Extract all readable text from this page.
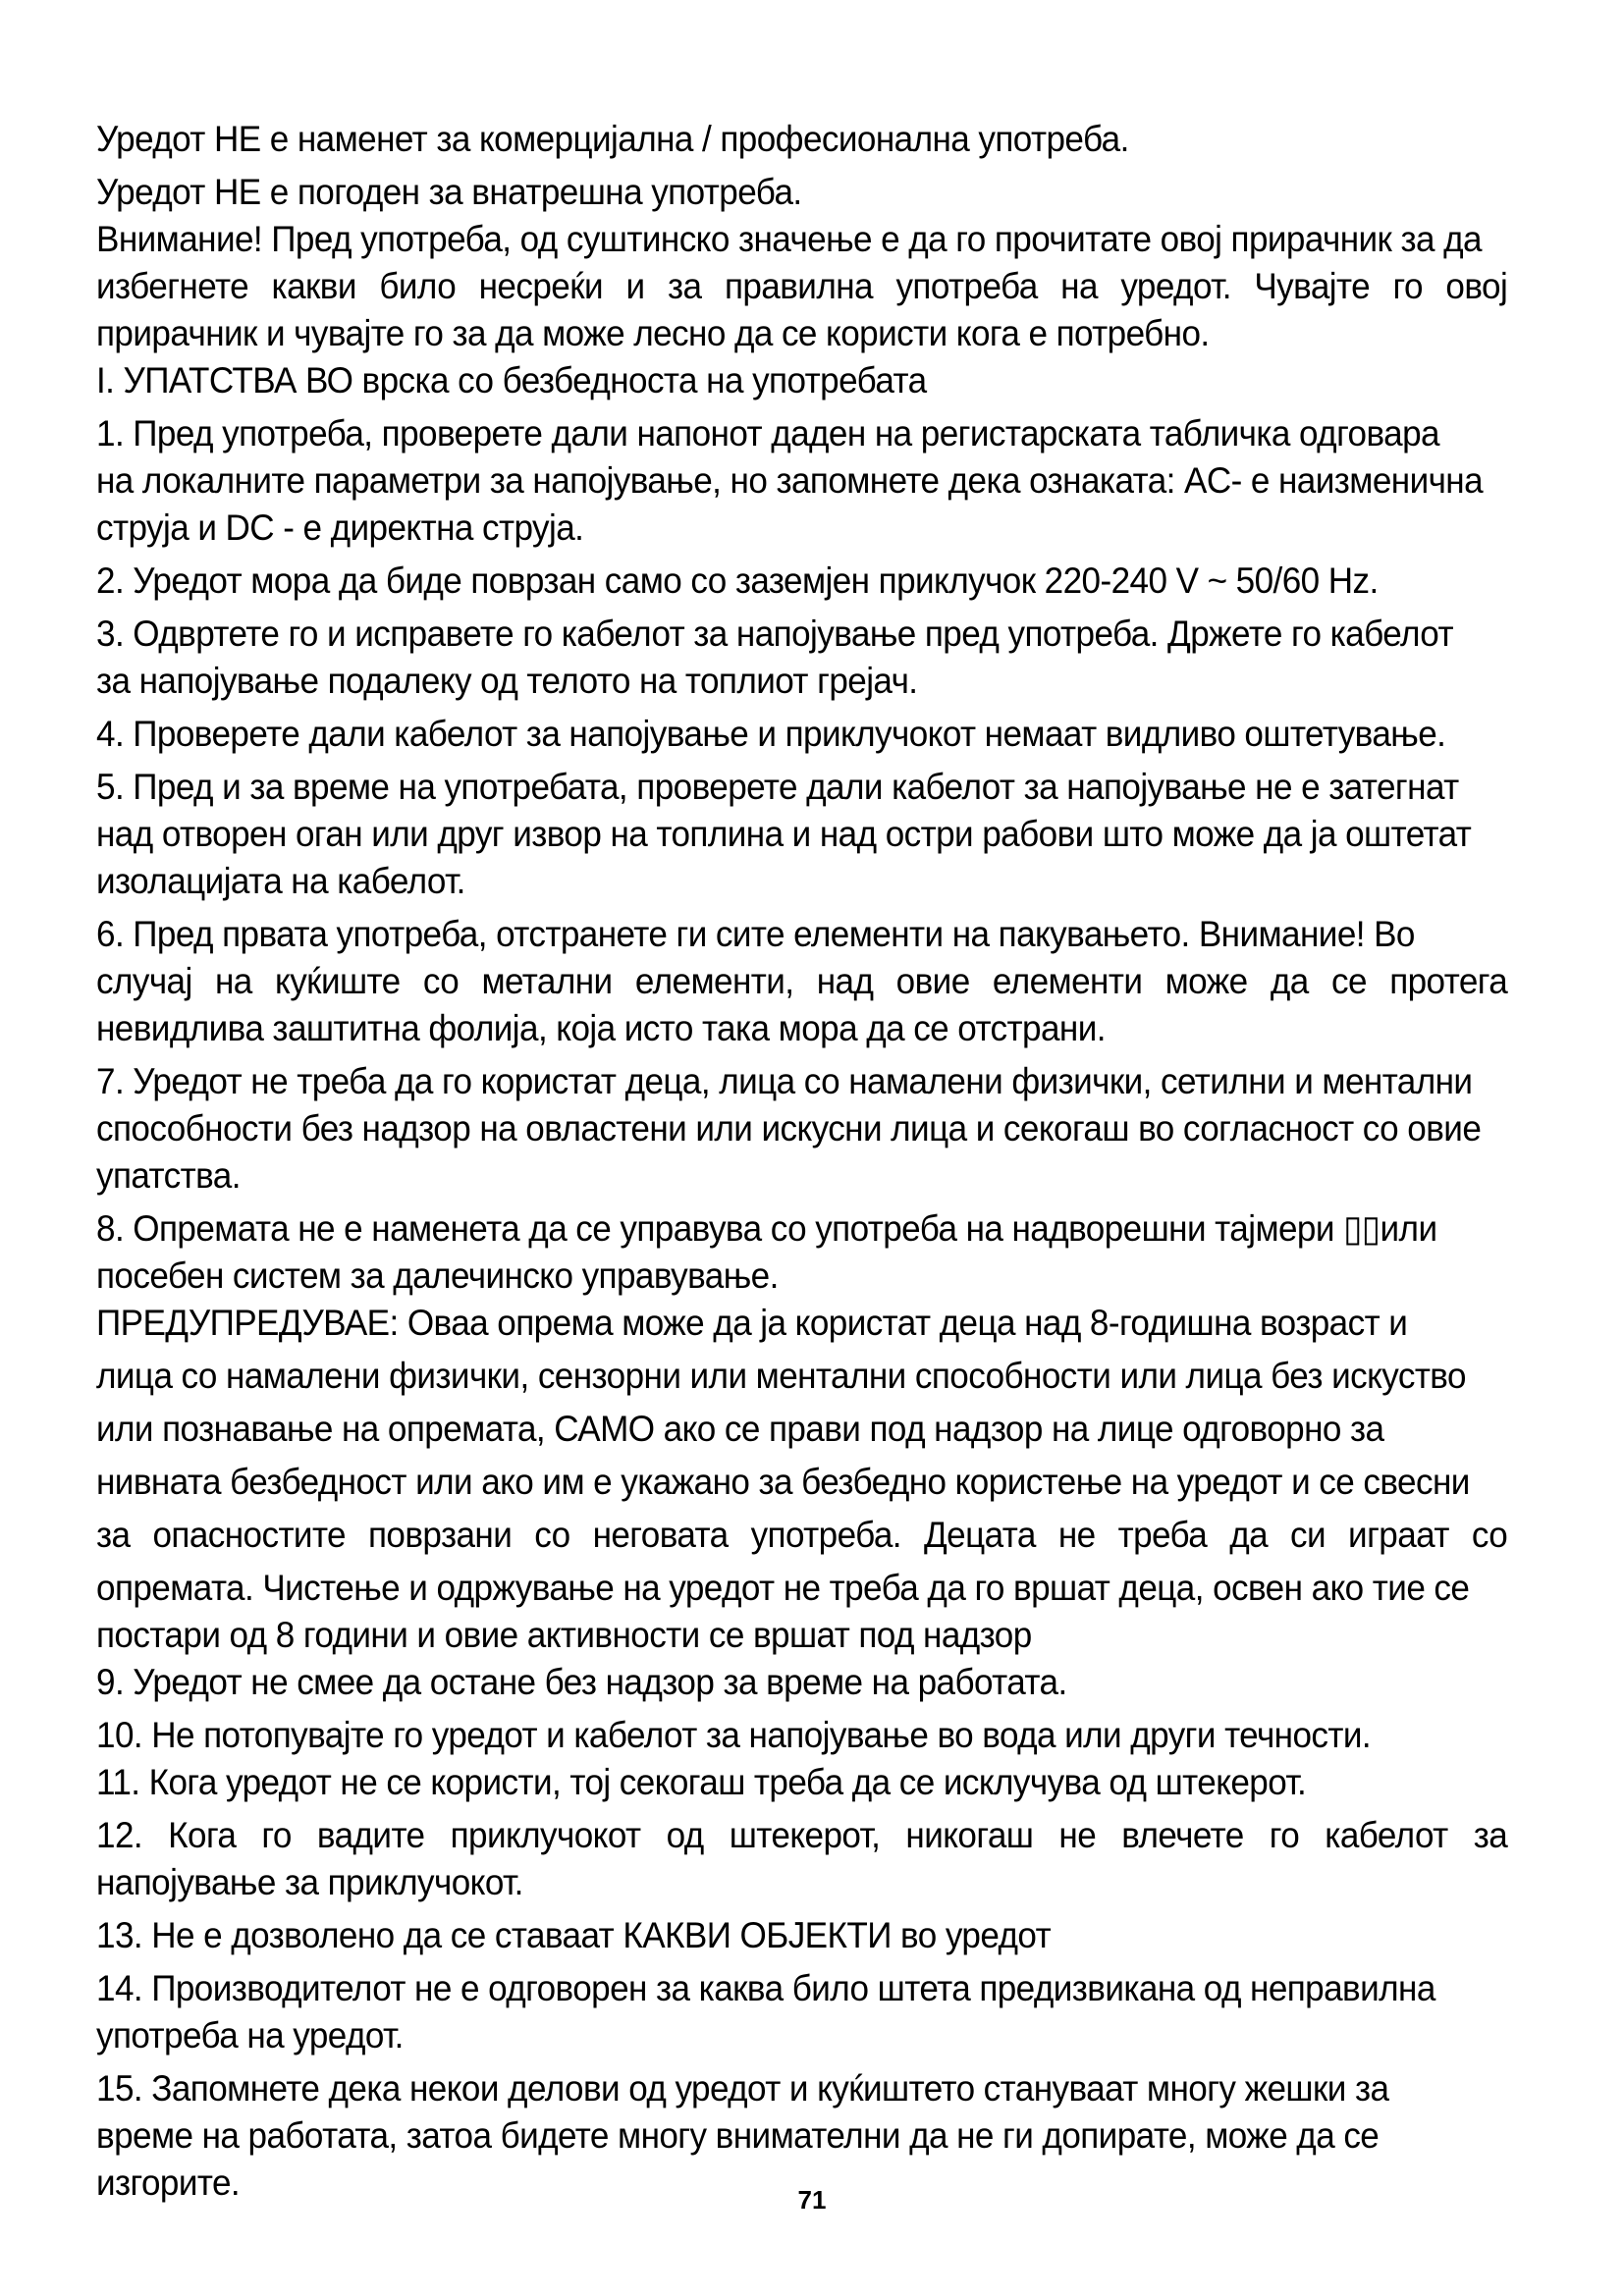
Уредот НЕ е наменет за комерцијална / професионална употреба.
Уредот НЕ е погоден за внатрешна употреба.
Внимание! Пред употреба, од суштинско значење е да го прочитате овој прирачник за да
избегнете какви било несреќи и за правилна употреба на уредот. Чувајте го овој
прирачник и чувајте го за да може лесно да се користи кога е потребно.
I. УПАТСТВА ВО врска со безбедноста на употребата
1. Пред употреба, проверете дали напонот даден на регистарската табличка одговара
на локалните параметри за напојување, но запомнете дека ознаката: AC- е наизменична
струја и DC - е директна струја.
2. Уредот мора да биде поврзан само со заземјен приклучок 220-240 V ~ 50/60 Hz.
3. Одвртете го и исправете го кабелот за напојување пред употреба. Држете го кабелот
за напојување подалеку од телото на топлиот грејач.
4. Проверете дали кабелот за напојување и приклучокот немаат видливо оштетување.
5. Пред и за време на употребата, проверете дали кабелот за напојување не е затегнат
над отворен оган или друг извор на топлина и над остри рабови што може да ја оштетат
изолацијата на кабелот.
6. Пред првата употреба, отстранете ги сите елементи на пакувањето. Внимание! Во
случај на куќиште со метални елементи, над овие елементи може да се протега
невидлива заштитна фолија, која исто така мора да се отстрани.
7. Уредот не треба да го користат деца, лица со намалени физички, сетилни и ментални
способности без надзор на овластени или искусни лица и секогаш во согласност со овие
упатства.
8. Опремата не е наменета да се управува со употреба на надворешни тајмери ▯▯или
посебен систем за далечинско управување.
ПРЕДУПРЕДУВАЕ: Оваа опрема може да ја користат деца над 8-годишна возраст и
лица со намалени физички, сензорни или ментални способности или лица без искуство
или познавање на опремата, САМО ако се прави под надзор на лице одговорно за
нивната безбедност или ако им е укажано за безбедно користење на уредот и се свесни
за опасностите поврзани со неговата употреба. Децата не треба да си играат со
опремата. Чистење и одржување на уредот не треба да го вршат деца, освен ако тие се
постари од 8 години и овие активности се вршат под надзор
9. Уредот не смее да остане без надзор за време на работата.
10. Не потопувајте го уредот и кабелот за напојување во вода или други течности.
11. Кога уредот не се користи, тој секогаш треба да се исклучува од штекерот.
12. Кога го вадите приклучокот од штекерот, никогаш не влечете го кабелот за
напојување за приклучокот.
13. Не е дозволено да се ставаат КАКВИ ОБЈЕКТИ во уредот
14. Производителот не е одговорен за каква било штета предизвикана од неправилна
употреба на уредот.
15. Запомнете дека некои делови од уредот и куќиштето стануваат многу жешки за
време на работата, затоа бидете многу внимателни да не ги допирате, може да се
изгорите.	71
